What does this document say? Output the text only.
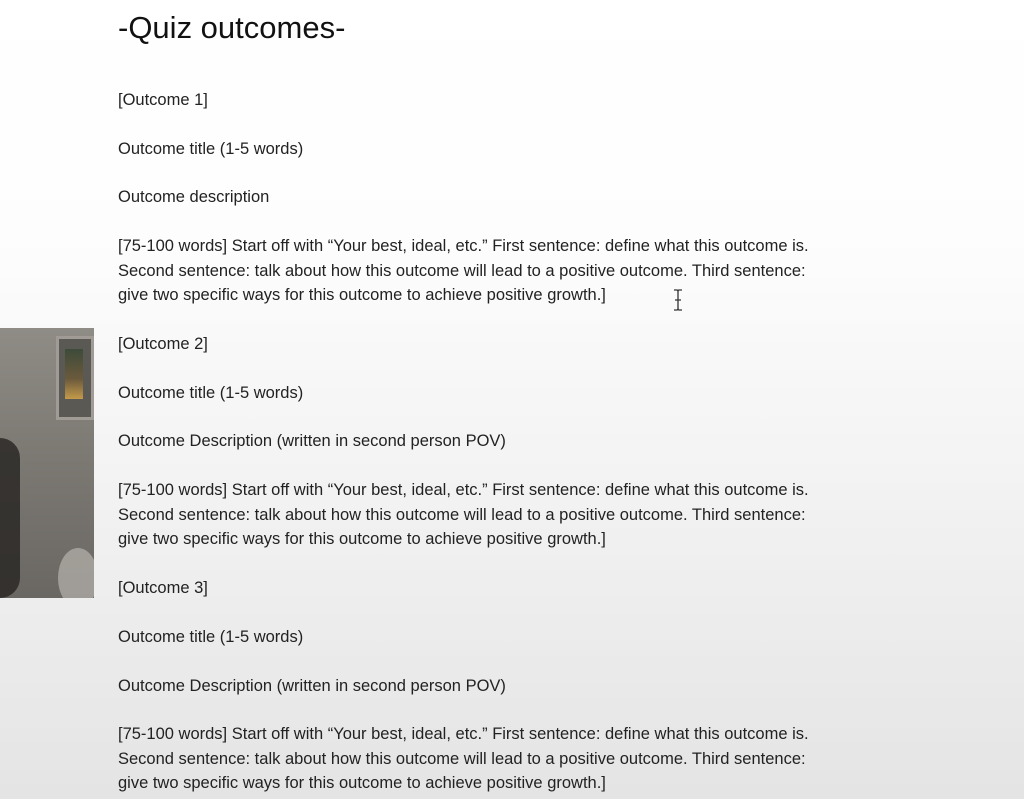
-Quiz outcomes-

[Outcome 1]

Outcome title (1-5 words)

Outcome description

[75-100 words] Start off with “Your best, ideal, etc.” First sentence: define what this outcome is.
Second sentence: talk about how this outcome will lead to a positive outcome. Third sentence:
give two specific ways for this outcome to achieve positive growth.]

[Outcome 2]

Outcome title (1-5 words)

Outcome Description (written in second person POV)

[75-100 words] Start off with “Your best, ideal, etc.” First sentence: define what this outcome is.
Second sentence: talk about how this outcome will lead to a positive outcome. Third sentence:
give two specific ways for this outcome to achieve positive growth.]

[Outcome 3]

Outcome title (1-5 words)

Outcome Description (written in second person POV)

[75-100 words] Start off with “Your best, ideal, etc.” First sentence: define what this outcome is.
Second sentence: talk about how this outcome will lead to a positive outcome. Third sentence:
give two specific ways for this outcome to achieve positive growth.]
